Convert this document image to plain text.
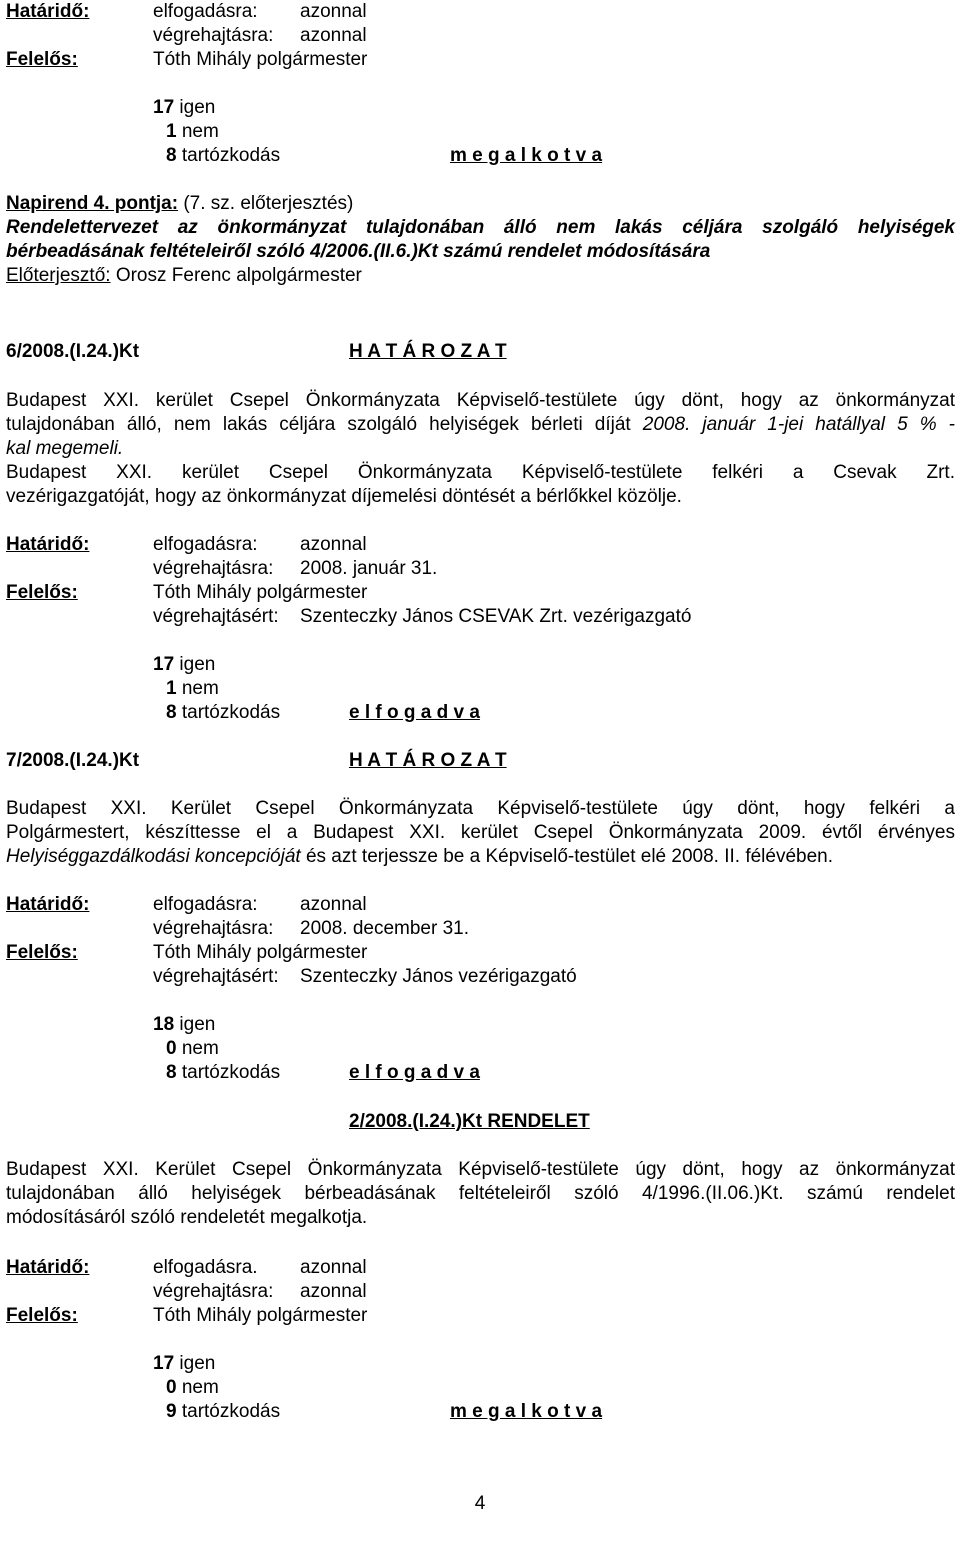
Határidő:	elfogadásra: azonnal
végrehajtásra: azonnal
Felelős:	Tóth Mihály polgármester
17 igen
1 nem
8 tartózkodás	m e g a l k o t v a
Napirend 4. pontja: (7. sz. előterjesztés)
Rendelettervezet az önkormányzat tulajdonában álló nem lakás céljára szolgáló helyiségek
bérbeadásának feltételeiről szóló 4/2006.(II.6.)Kt számú rendelet módosítására
Előterjesztő: Orosz Ferenc alpolgármester
6/2008.(I.24.)Kt	H A T Á R O Z A T
Budapest XXI. kerület Csepel Önkormányzata Képviselő-testülete úgy dönt, hogy az önkormányzat
tulajdonában álló, nem lakás céljára szolgáló helyiségek bérleti díját 2008. január 1-jei hatállyal 5 % -
kal megemeli.
Budapest XXI. kerület Csepel Önkormányzata Képviselő-testülete felkéri a Csevak Zrt.
vezérigazgatóját, hogy az önkormányzat díjemelési döntését a bérlőkkel közölje.
Határidő:	elfogadásra: azonnal
végrehajtásra: 2008. január 31.
Felelős:	Tóth Mihály polgármester
végrehajtásért: Szenteczky János CSEVAK Zrt. vezérigazgató
17 igen
1 nem
8 tartózkodás	e l f o g a d v a
7/2008.(I.24.)Kt	H A T Á R O Z A T
Budapest XXI. Kerület Csepel Önkormányzata Képviselő-testülete úgy dönt, hogy felkéri a
Polgármestert, készíttesse el a Budapest XXI. kerület Csepel Önkormányzata 2009. évtől érvényes
Helyiséggazdálkodási koncepcióját és azt terjessze be a Képviselő-testület elé 2008. II. félévében.
Határidő:	elfogadásra: azonnal
végrehajtásra: 2008. december 31.
Felelős:	Tóth Mihály polgármester
végrehajtásért: Szenteczky János vezérigazgató
18 igen
0 nem
8 tartózkodás	e l f o g a d v a
2/2008.(I.24.)Kt RENDELET
Budapest XXI. Kerület Csepel Önkormányzata Képviselő-testülete úgy dönt, hogy az önkormányzat
tulajdonában álló helyiségek bérbeadásának feltételeiről szóló 4/1996.(II.06.)Kt. számú rendelet
módosításáról szóló rendeletét megalkotja.
Határidő:	elfogadásra. azonnal
végrehajtásra: azonnal
Felelős:	Tóth Mihály polgármester
17 igen
0 nem
9 tartózkodás	m e g a l k o t v a
4
